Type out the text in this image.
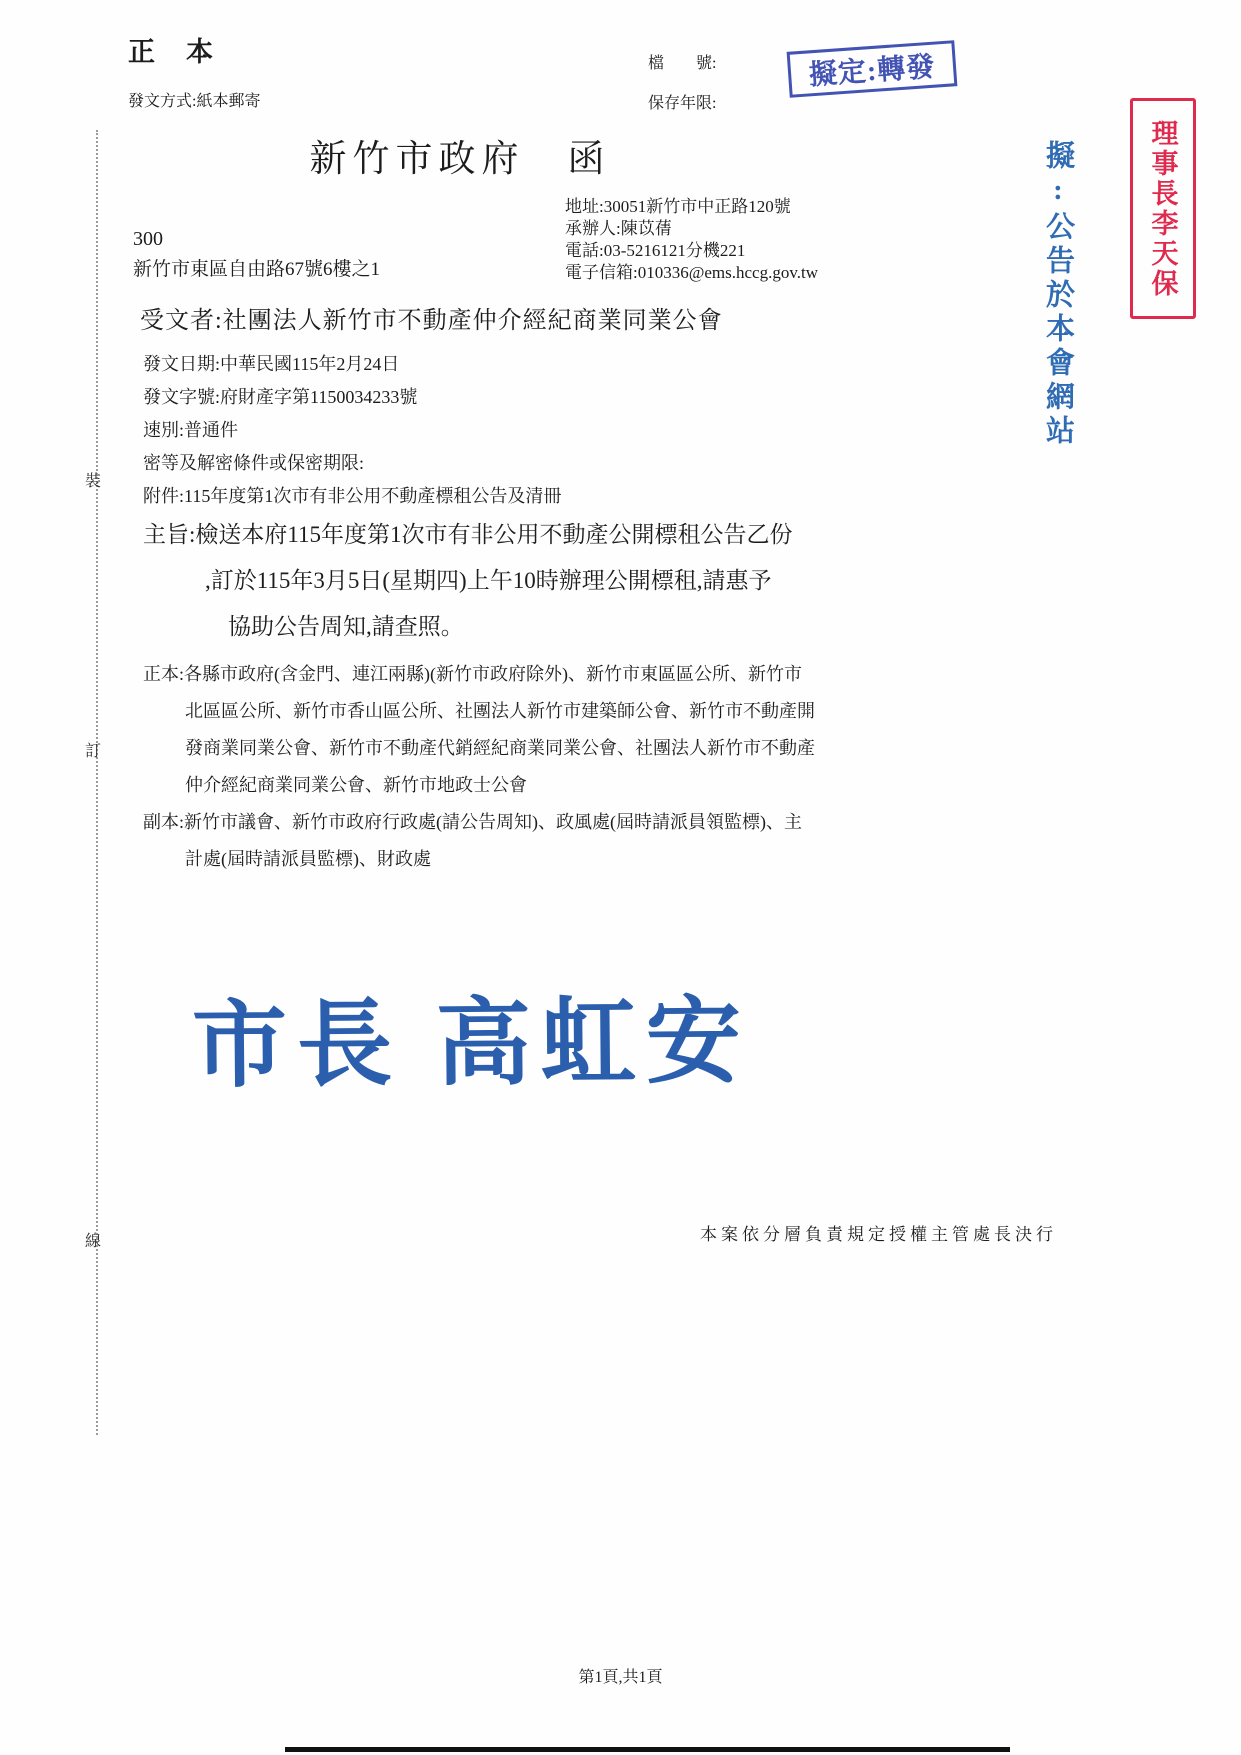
正　本
發文方式:紙本郵寄
檔　　號:
保存年限:
擬定:轉發
理事長李天保
擬:公告於本會網站
新竹市政府　函
地址:30051新竹市中正路120號
承辦人:陳苡蒨
電話:03-5216121分機221
電子信箱:010336@ems.hccg.gov.tw
300
新竹市東區自由路67號6樓之1
受文者:社團法人新竹市不動產仲介經紀商業同業公會
發文日期:中華民國115年2月24日
發文字號:府財產字第1150034233號
速別:普通件
密等及解密條件或保密期限:
附件:115年度第1次市有非公用不動產標租公告及清冊
主旨:檢送本府115年度第1次市有非公用不動產公開標租公告乙份
,訂於115年3月5日(星期四)上午10時辦理公開標租,請惠予
協助公告周知,請查照。
正本:各縣市政府(含金門、連江兩縣)(新竹市政府除外)、新竹市東區區公所、新竹市
北區區公所、新竹市香山區公所、社團法人新竹市建築師公會、新竹市不動產開
發商業同業公會、新竹市不動產代銷經紀商業同業公會、社團法人新竹市不動產
仲介經紀商業同業公會、新竹市地政士公會
副本:新竹市議會、新竹市政府行政處(請公告周知)、政風處(屆時請派員領監標)、主
計處(屆時請派員監標)、財政處
市長 高虹安
本案依分層負責規定授權主管處長決行
第1頁,共1頁
裝
訂
線
